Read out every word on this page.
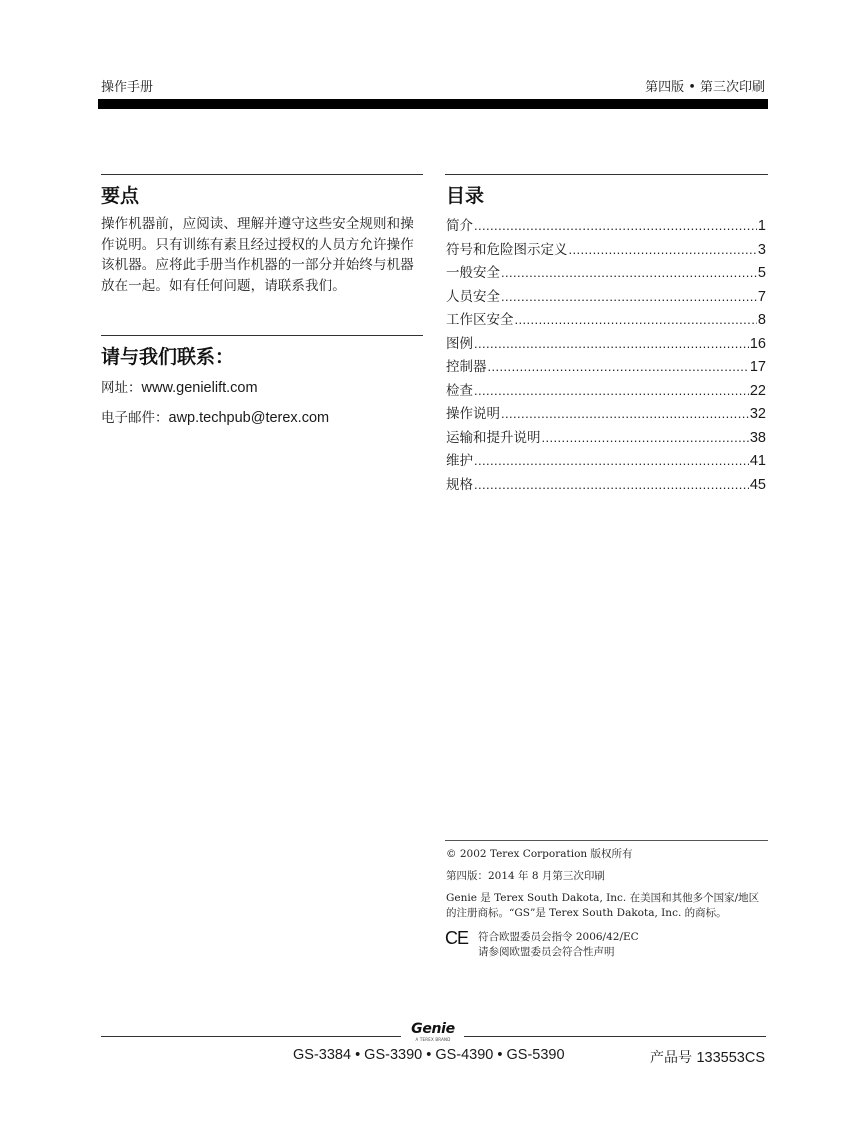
操作手册	第四版 • 第三次印刷
要点
操作机器前，应阅读、理解并遵守这些安全规则和操作说明。只有训练有素且经过授权的人员方允许操作该机器。应将此手册当作机器的一部分并始终与机器放在一起。如有任何问题，请联系我们。
请与我们联系：
网址：www.genielift.com
电子邮件：awp.techpub@terex.com
目录
简介 .....	1
符号和危险图示定义 .....	3
一般安全 .....	5
人员安全 .....	7
工作区安全 .....	8
图例 .....	16
控制器 .....	17
检查 .....	22
操作说明 .....	32
运输和提升说明 .....	38
维护 .....	41
规格 .....	45
© 2002 Terex Corporation 版权所有
第四版：2014 年 8 月第三次印刷
Genie 是 Terex South Dakota, Inc. 在美国和其他多个国家/地区
的注册商标。“GS”是 Terex South Dakota, Inc. 的商标。
CE 符合欧盟委员会指令 2006/42/EC
请参阅欧盟委员会符合性声明
Genie
A TEREX BRAND
GS-3384 • GS-3390 • GS-4390 • GS-5390	产品号 133553CS
